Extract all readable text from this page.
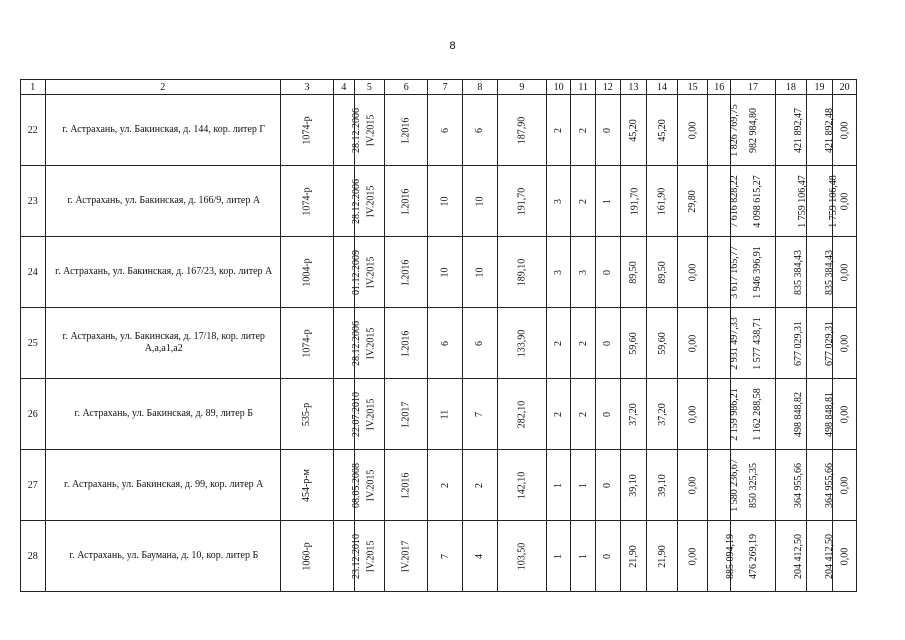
8
1	2	3	4	5	6	7	8	9	10	11	12	13	14	15	16	17	18	19	20
22	г. Астрахань, ул. Бакинская, д. 144, кор. литер Г	1074-р	28.12.2006	IV.2015	I.2016	6	6	187,90	2	2	0	45,20	45,20	0,00	1 826 769,75	982 984,80	421 892,47	421 892,48	0,00
23	г. Астрахань, ул. Бакинская, д. 166/9, литер А	1074-р	28.12.2006	IV.2015	I.2016	10	10	191,70	3	2	1	191,70	161,90	29,80	7 616 828,22	4 098 615,27	1 759 106,47	1 759 106,48	0,00
24	г. Астрахань, ул. Бакинская, д. 167/23, кор. литер А	1004-р	01.12.2009	IV.2015	I.2016	10	10	189,10	3	3	0	89,50	89,50	0,00	3 617 165,77	1 946 396,91	835 384,43	835 384,43	0,00
25	г. Астрахань, ул. Бакинская, д. 17/18, кор. литер А,а,а1,а2	1074-р	28.12.2006	IV.2015	I.2016	6	6	133,90	2	2	0	59,60	59,60	0,00	2 931 497,33	1 577 438,71	677 029,31	677 029,31	0,00
26	г. Астрахань, ул. Бакинская, д. 89, литер Б	535-р	22.07.2010	IV.2015	I.2017	11	7	282,10	2	2	0	37,20	37,20	0,00	2 159 986,21	1 162 288,58	498 848,82	498 848,81	0,00
27	г. Астрахань, ул. Бакинская, д. 99, кор. литер А	454-р-м	08.05.2008	IV.2015	I.2016	2	2	142,10	1	1	0	39,10	39,10	0,00	1 580 236,67	850 325,35	364 955,66	364 955,66	0,00
28	г. Астрахань, ул. Баумана, д. 10, кор. литер Б	1060-р	23.12.2010	IV.2015	IV.2017	7	4	103,50	1	1	0	21,90	21,90	0,00	885 094,19	476 269,19	204 412,50	204 412,50	0,00
